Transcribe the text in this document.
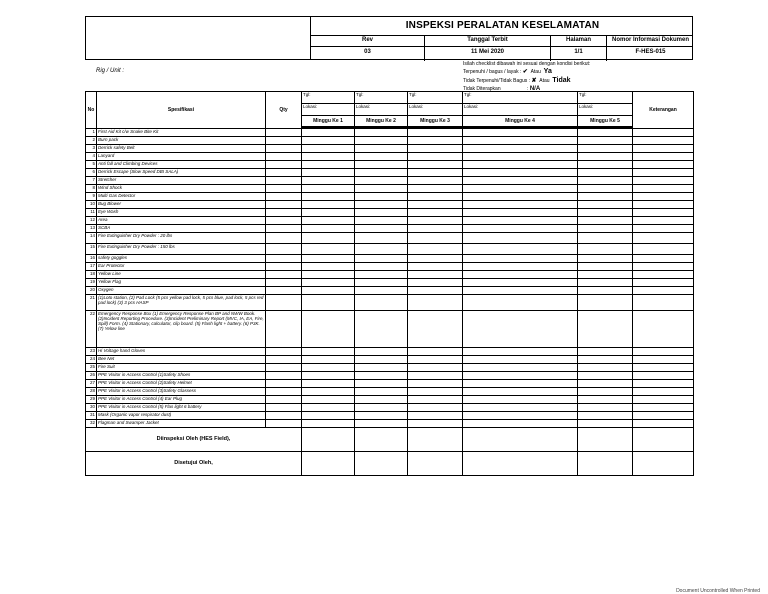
INSPEKSI PERALATAN KESELAMATAN
Rev	Tanggal Terbit	Halaman	Nomor Informasi Dokumen
03	11 Mei 2020	1/1	F-HES-015
Rig / Unit :
Isilah checklist dibawah ini sesuai dengan kondisi berikut:
Terpenuhi / bagus / layak : ✔ Atau Ya
Tidak Terpenuhi/Tidak Bagus : ✘ Atau Tidak
Tidak Diterapkan                   : N/A
No	Spesifikasi	Qty	Tgl:	Tgl:	Tgl:	Tgl:	Tgl:	Keterangan
			Lokasi:	Lokasi:	Lokasi:	Lokasi:	Lokasi:	
			Minggu Ke 1	Minggu Ke 2	Minggu Ke 3	Minggu Ke 4	Minggu Ke 5	

1	First Aid Kit c/w Snake Bite Kit							
2	Burn pack							
3	Derrick safety Belt							
4	Lanyard							
5	Anti fall and Climbing Devices							
6	Derrick Escape (Slow Speed DBI SALA)							
7	Stretcher							
8	Wind Shock							
9	Multi Gas Detector							
10	Bug Blower							
11	Eye Wash							
12	Area							
13	SCBA							
14	Fire Extinguisher Dry Powder : 20 lbs							
15	Fire Extinguisher Dry Powder : 150 lbs							
16	safety goggles							
17	Ear Protector							
18	Yellow Line							
19	Yellow Flag							
20	Oxygen							
21	(1)Loto station, (2) Pad Lock (5 pcs yellow pad lock, 5 pcs blue, pad lock, 5 pcs red pad lock) (3) 3 pcs HASP							
22	Emergency Response Box (1) Emergency Response Plan BP and NWW Book. (2)Incident Reporting Procedure. (3)Incident Preliminary Report (MVC, IA, EA, Fire, Spill) Form. (4) Stationary, calculator, clip board. (5) Flash light + battery. (6) P3K. (7) Yelow line							
23	Hi Voltage hand Gloves							
24	Bee Net							
25	Fire Suit							
26	PPE Visitor in Access Control (1)Safety Shoes							
27	PPE Visitor in Access Control (2)Safety Helmet							
28	PPE Visitor in Access Control (3)Safety Glassess							
29	PPE Visitor in Access Control (4) Ear Plug							
30	PPE Visitor in Access Control (5) Flas light 6 battery							
31	Mask (Organic vapor respirator dust)							
32	Flagman and Swamper Jacket							
Diinspeksi Oleh (HES Field),								
Disetujui Oleh,								
Document Uncontrolled When Printed
